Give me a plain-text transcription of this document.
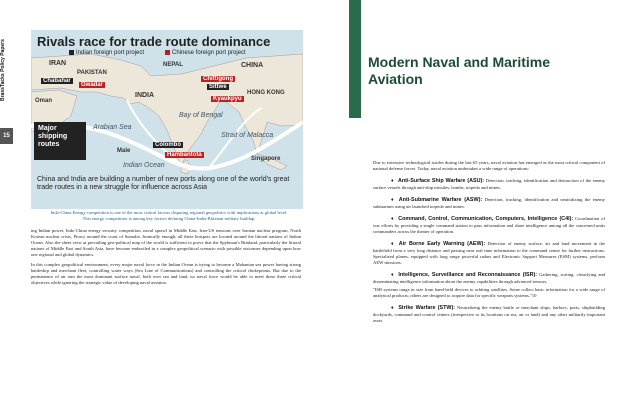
BrassTacks Policy Papers
15
Rivals race for trade route dominance
Indian foreign port project	Chinese foreign port project
IRAN
PAKISTAN
NEPAL	CHINA
INDIA	HONG KONG
Arabian Sea
Bay of Bengal
Strait of Malacca
Indian Ocean
Chabahar
Gwadar
Oman
Sittwe
Chittigong
Kyaukpyu
Colombo
Hambantota
Male
Singapore
Major
shipping
routes
China and India are building a number of new ports along one of the world's great trade routes in a new struggle for influence across Asia
Indo-China Energy competition is one of the most critical factors disputing regional geopolitics with implications at global level. This energy competition is among key factors defining China-India-Pakistan military buildup.

ing Indian power, Indo-China energy security competition, naval sprawl in Middle East, Iran-US tensions over Iranian nuclear program, North Korean nuclear crisis, Piracy around the coast of Somalia. Ironically enough, all these hotspots are located around the littoral nations of Indian Ocean. Also the sheer view at prevailing geo-political map of the world is sufficient to prove that the Spykman's Rimland, particularly the littoral nations of Middle East and South Asia, have become embroiled in a complex geopolitical scenario with possible outcomes depending upon how one regional and global dynamics.

In this complex geopolitical environment, every major naval force in the Indian Ocean is trying to become a Mahanian sea power having strong battleship and merchant fleet, controlling water ways (Sea Line of Communications) and controlling the critical chokepoints. But due to the permanence of air arm the most dominant surface naval, both over sea and land, no naval force would be able to meet these three critical objectives while ignoring the strategic value of developing naval aviation.

Modern Naval and Maritime Aviation

Due to extensive technological strides during the last 65 years, naval aviation has emerged as the most critical component of national defense forces. Today, naval aviation undertakes a wide range of operations:

♦ Anti-Surface Ship Warfare (ASU): Detection, tracking, identification and destruction of the enemy surface vessels through anti-ship missiles, bombs, torpedo and mines.

♦ Anti-Submarine Warfare (ASW): Detection, tracking, identification and neutralizing the enemy submarines using air launched torpedo and mines.

♦ Command, Control, Communication, Computers, Intelligence (C4I): Coordination of war efforts by providing a single command station to pass information and share intelligence among all the concerned units commanders across the theater of operation.

♦ Air Borne Early Warning (AEW): Detection of enemy surface, air and land movement in the battlefield from a very long distance and passing near real time information to the command center for further instructions. Specialized planes, equipped with long range powerful radars and Electronic Support Measures (ESM) systems, perform AEW missions.

♦ Intelligence, Surveillance and Reconnaissance (ISR): Gathering, sorting, classifying and disseminating intelligence information about the enemy capabilities through advanced sensors.

"ISR systems range in size from hand-held devices to orbiting satellites. Some collect basic information for a wide range of analytical products; others are designed to acquire data for specific weapons systems."10

♦ Strike Warfare (STW): Neutralizing the enemy battle or merchant ships, harbors, ports, shipbuilding dockyards, command and control centers (irrespective to its locations on sea, air or land) and any other militarily important asset.
